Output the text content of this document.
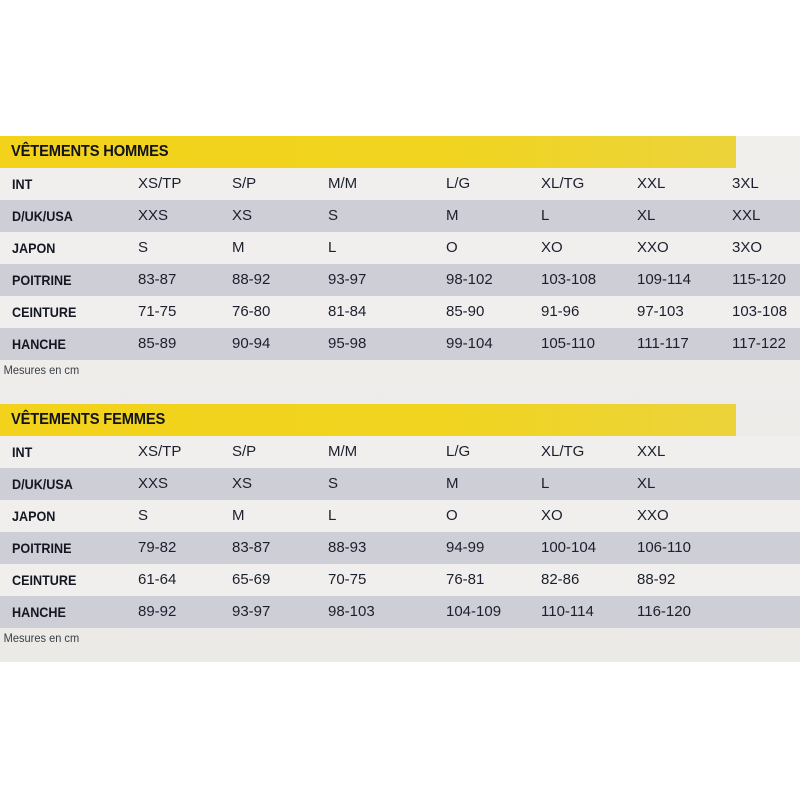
VÊTEMENTS HOMMES
INT	XS/TP	S/P	M/M	L/G	XL/TG	XXL	3XL
D/UK/USA	XXS	XS	S	M	L	XL	XXL
JAPON	S	M	L	O	XO	XXO	3XO
POITRINE	83-87	88-92	93-97	98-102	103-108	109-114	115-120
CEINTURE	71-75	76-80	81-84	85-90	91-96	97-103	103-108
HANCHE	85-89	90-94	95-98	99-104	105-110	111-117	117-122
Mesures en cm
VÊTEMENTS FEMMES
INT	XS/TP	S/P	M/M	L/G	XL/TG	XXL
D/UK/USA	XXS	XS	S	M	L	XL
JAPON	S	M	L	O	XO	XXO
POITRINE	79-82	83-87	88-93	94-99	100-104	106-110
CEINTURE	61-64	65-69	70-75	76-81	82-86	88-92
HANCHE	89-92	93-97	98-103	104-109	110-114	116-120
Mesures en cm
